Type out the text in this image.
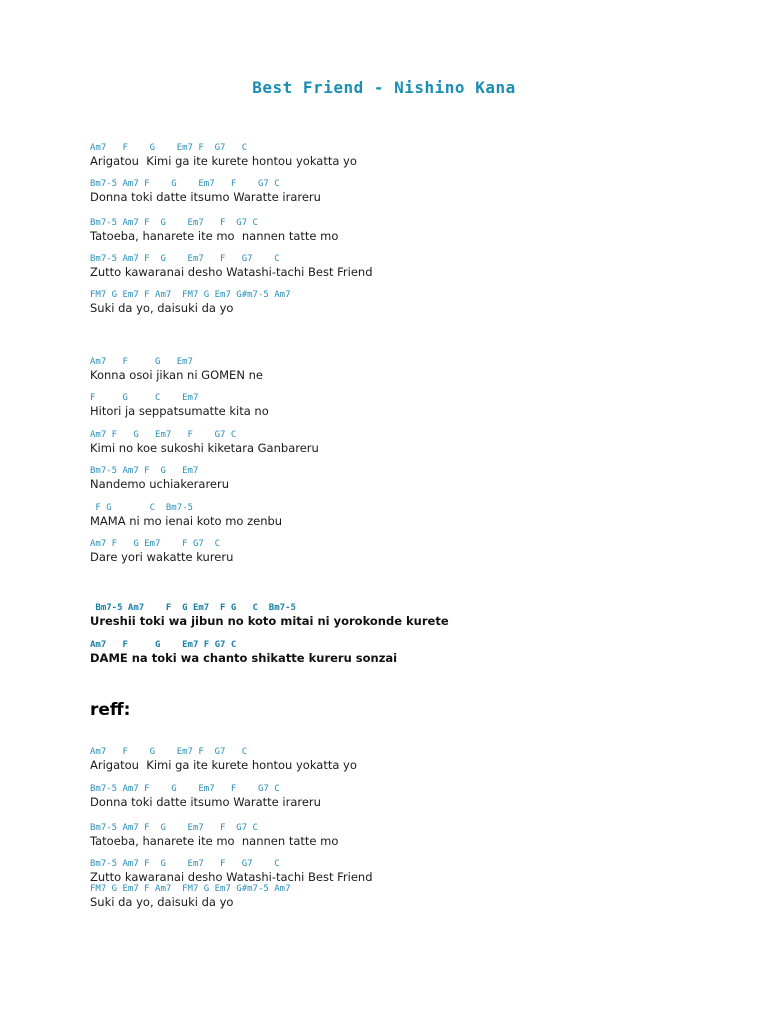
Best Friend - Nishino Kana
Am7   F    G    Em7 F  G7   C
Arigatou  Kimi ga ite kurete hontou yokatta yo
Bm7-5 Am7 F    G    Em7   F    G7 C
Donna toki datte itsumo Waratte irareru
Bm7-5 Am7 F  G    Em7   F  G7 C
Tatoeba, hanarete ite mo  nannen tatte mo
Bm7-5 Am7 F  G    Em7   F   G7    C
Zutto kawaranai desho Watashi-tachi Best Friend
FM7 G Em7 F Am7  FM7 G Em7 G#m7-5 Am7
Suki da yo, daisuki da yo
Am7   F     G   Em7
Konna osoi jikan ni GOMEN ne
F     G     C    Em7
Hitori ja seppatsumatte kita no
Am7 F   G   Em7   F    G7 C
Kimi no koe sukoshi kiketara Ganbareru
Bm7-5 Am7 F  G   Em7
Nandemo uchiakerareru
F G       C  Bm7-5
MAMA ni mo ienai koto mo zenbu
Am7 F   G Em7    F G7  C
Dare yori wakatte kureru
Bm7-5 Am7    F  G Em7  F G   C  Bm7-5
Ureshii toki wa jibun no koto mitai ni yorokonde kurete
Am7   F     G    Em7 F G7 C
DAME na toki wa chanto shikatte kureru sonzai
reff:
Am7   F    G    Em7 F  G7   C
Arigatou  Kimi ga ite kurete hontou yokatta yo
Bm7-5 Am7 F    G    Em7   F    G7 C
Donna toki datte itsumo Waratte irareru
Bm7-5 Am7 F  G    Em7   F  G7 C
Tatoeba, hanarete ite mo  nannen tatte mo
Bm7-5 Am7 F  G    Em7   F   G7    C
Zutto kawaranai desho Watashi-tachi Best Friend
FM7 G Em7 F Am7  FM7 G Em7 G#m7-5 Am7
Suki da yo, daisuki da yo
